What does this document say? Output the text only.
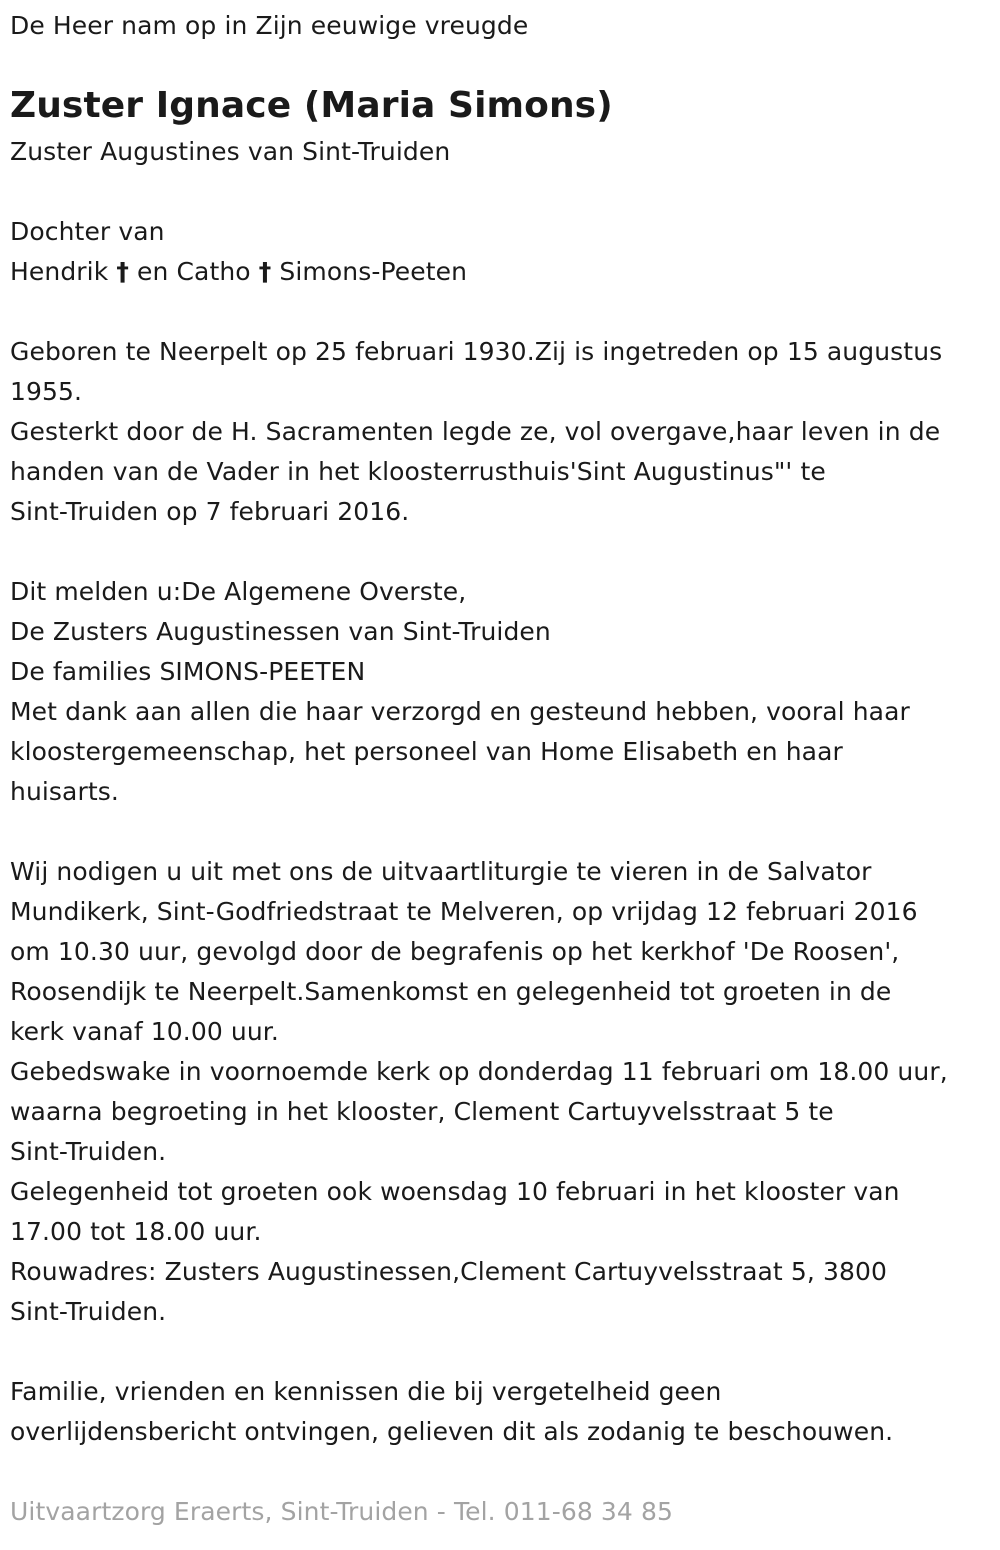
De Heer nam op in Zijn eeuwige vreugde
Zuster Ignace (Maria Simons)
Zuster Augustines van Sint-Truiden
Dochter van
Hendrik † en Catho † Simons-Peeten
Geboren te Neerpelt op 25 februari 1930.Zij is ingetreden op 15 augustus
1955.
Gesterkt door de H. Sacramenten legde ze, vol overgave,haar leven in de
handen van de Vader in het kloosterrusthuis'Sint Augustinus"' te
Sint-Truiden op 7 februari 2016.
Dit melden u:De Algemene Overste,
De Zusters Augustinessen van Sint-Truiden
De families SIMONS-PEETEN
Met dank aan allen die haar verzorgd en gesteund hebben, vooral haar
kloostergemeenschap, het personeel van Home Elisabeth en haar
huisarts.
Wij nodigen u uit met ons de uitvaartliturgie te vieren in de Salvator
Mundikerk, Sint-Godfriedstraat te Melveren, op vrijdag 12 februari 2016
om 10.30 uur, gevolgd door de begrafenis op het kerkhof 'De Roosen',
Roosendijk te Neerpelt.Samenkomst en gelegenheid tot groeten in de
kerk vanaf 10.00 uur.
Gebedswake in voornoemde kerk op donderdag 11 februari om 18.00 uur,
waarna begroeting in het klooster, Clement Cartuyvelsstraat 5 te
Sint-Truiden.
Gelegenheid tot groeten ook woensdag 10 februari in het klooster van
17.00 tot 18.00 uur.
Rouwadres: Zusters Augustinessen,Clement Cartuyvelsstraat 5, 3800
Sint-Truiden.
Familie, vrienden en kennissen die bij vergetelheid geen
overlijdensbericht ontvingen, gelieven dit als zodanig te beschouwen.
Uitvaartzorg Eraerts, Sint-Truiden - Tel. 011-68 34 85
